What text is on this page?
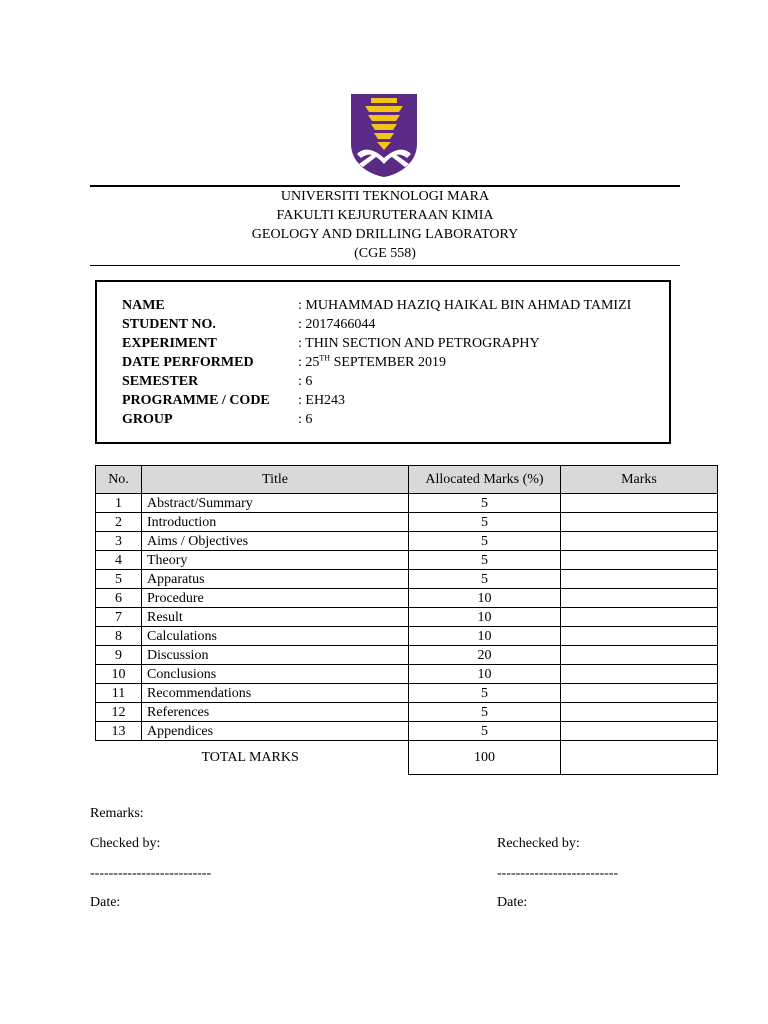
UNIVERSITI TEKNOLOGI MARA
FAKULTI KEJURUTERAAN KIMIA
GEOLOGY AND DRILLING LABORATORY
(CGE 558)
NAME	: MUHAMMAD HAZIQ HAIKAL BIN AHMAD TAMIZI
STUDENT NO.	: 2017466044
EXPERIMENT	: THIN SECTION AND PETROGRAPHY
DATE PERFORMED	: 25TH SEPTEMBER 2019
SEMESTER	: 6
PROGRAMME / CODE : EH243
GROUP	: 6
No.	Title	Allocated Marks (%)	Marks
1	Abstract/Summary	5	
2	Introduction	5	
3	Aims / Objectives	5	
4	Theory	5	
5	Apparatus	5	
6	Procedure	10	
7	Result	10	
8	Calculations	10	
9	Discussion	20	
10	Conclusions	10	
11	Recommendations	5	
12	References	5	
13	Appendices	5	
	TOTAL MARKS	100	
Remarks:
Checked by:	Rechecked by:
--------------------------	--------------------------
Date:	Date:
